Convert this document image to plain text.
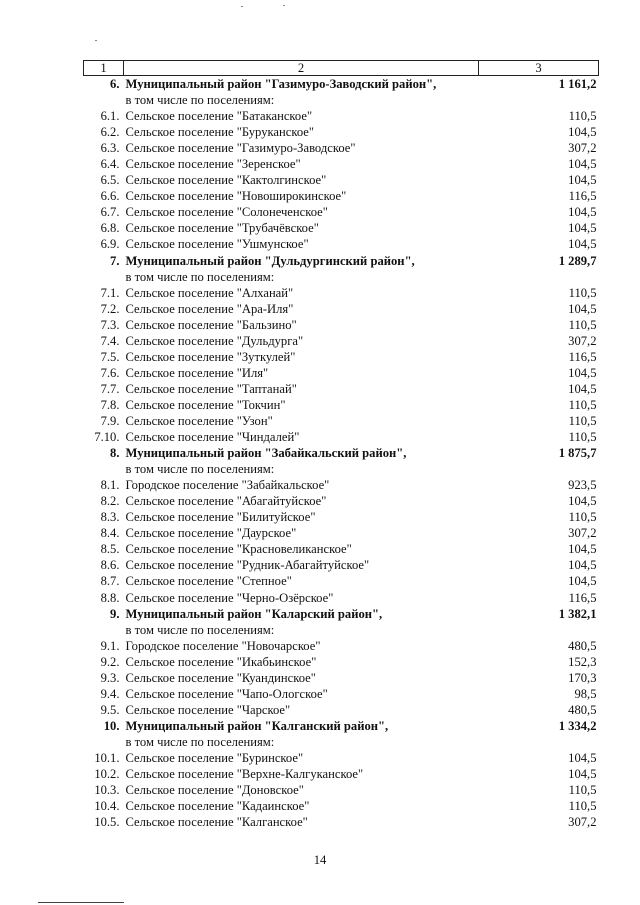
1	2	3
6.	Муниципальный район "Газимуро-Заводский район",	1 161,2
	в том числе по поселениям:	
6.1.	Сельское поселение "Батаканское"	110,5
6.2.	Сельское поселение "Буруканское"	104,5
6.3.	Сельское поселение "Газимуро-Заводское"	307,2
6.4.	Сельское поселение "Зеренское"	104,5
6.5.	Сельское поселение "Кактолгинское"	104,5
6.6.	Сельское поселение "Новоширокинское"	116,5
6.7.	Сельское поселение "Солонеченское"	104,5
6.8.	Сельское поселение "Трубачёвское"	104,5
6.9.	Сельское поселение "Ушмунское"	104,5
7.	Муниципальный район "Дульдургинский район",	1 289,7
	в том числе по поселениям:	
7.1.	Сельское поселение "Алханай"	110,5
7.2.	Сельское поселение "Ара-Иля"	104,5
7.3.	Сельское поселение "Бальзино"	110,5
7.4.	Сельское поселение "Дульдурга"	307,2
7.5.	Сельское поселение "Зуткулей"	116,5
7.6.	Сельское поселение "Иля"	104,5
7.7.	Сельское поселение "Таптанай"	104,5
7.8.	Сельское поселение "Токчин"	110,5
7.9.	Сельское поселение "Узон"	110,5
7.10.	Сельское поселение "Чиндалей"	110,5
8.	Муниципальный район "Забайкальский район",	1 875,7
	в том числе по поселениям:	
8.1.	Городское поселение "Забайкальское"	923,5
8.2.	Сельское поселение "Абагайтуйское"	104,5
8.3.	Сельское поселение "Билитуйское"	110,5
8.4.	Сельское поселение "Даурское"	307,2
8.5.	Сельское поселение "Красновеликанское"	104,5
8.6.	Сельское поселение "Рудник-Абагайтуйское"	104,5
8.7.	Сельское поселение "Степное"	104,5
8.8.	Сельское поселение "Черно-Озёрское"	116,5
9.	Муниципальный район "Каларский район",	1 382,1
	в том числе по поселениям:	
9.1.	Городское поселение "Новочарское"	480,5
9.2.	Сельское поселение "Икабьинское"	152,3
9.3.	Сельское поселение "Куандинское"	170,3
9.4.	Сельское поселение "Чапо-Ологское"	98,5
9.5.	Сельское поселение "Чарское"	480,5
10.	Муниципальный район "Калганский район",	1 334,2
	в том числе по поселениям:	
10.1.	Сельское поселение "Буринское"	104,5
10.2.	Сельское поселение "Верхне-Калгуканское"	104,5
10.3.	Сельское поселение "Доновское"	110,5
10.4.	Сельское поселение "Кадаинское"	110,5
10.5.	Сельское поселение "Калганское"	307,2
14
